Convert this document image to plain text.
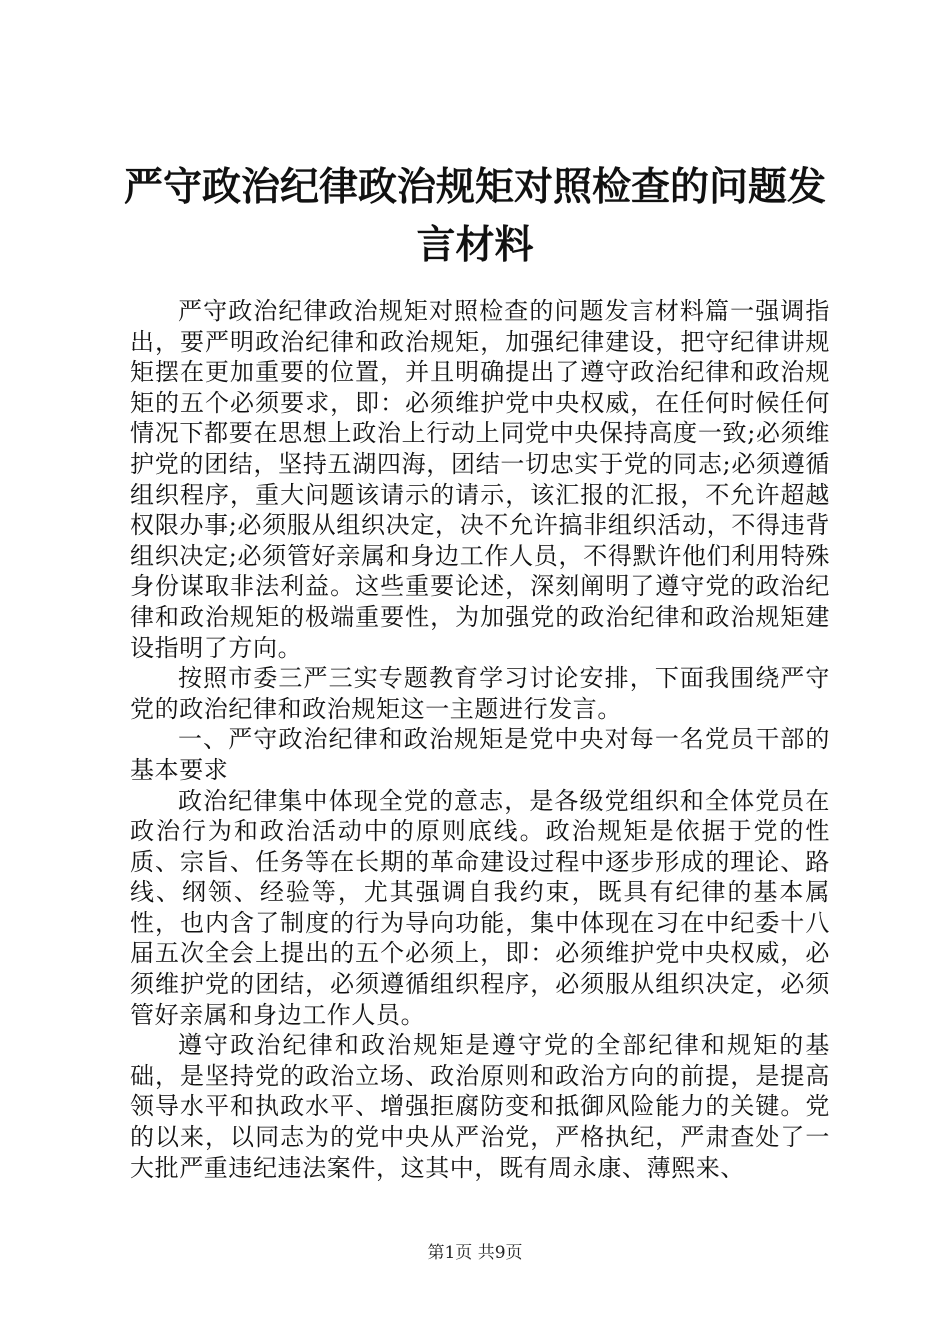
严守政治纪律政治规矩对照检查的问题发言材料

严守政治纪律政治规矩对照检查的问题发言材料篇一强调指出，要严明政治纪律和政治规矩，加强纪律建设，把守纪律讲规矩摆在更加重要的位置，并且明确提出了遵守政治纪律和政治规矩的五个必须要求，即：必须维护党中央权威，在任何时候任何情况下都要在思想上政治上行动上同党中央保持高度一致;必须维护党的团结，坚持五湖四海，团结一切忠实于党的同志;必须遵循组织程序，重大问题该请示的请示，该汇报的汇报，不允许超越权限办事;必须服从组织决定，决不允许搞非组织活动，不得违背组织决定;必须管好亲属和身边工作人员，不得默许他们利用特殊身份谋取非法利益。这些重要论述，深刻阐明了遵守党的政治纪律和政治规矩的极端重要性，为加强党的政治纪律和政治规矩建设指明了方向。

按照市委三严三实专题教育学习讨论安排，下面我围绕严守党的政治纪律和政治规矩这一主题进行发言。

一、严守政治纪律和政治规矩是党中央对每一名党员干部的基本要求

政治纪律集中体现全党的意志，是各级党组织和全体党员在政治行为和政治活动中的原则底线。政治规矩是依据于党的性质、宗旨、任务等在长期的革命建设过程中逐步形成的理论、路线、纲领、经验等，尤其强调自我约束，既具有纪律的基本属性，也内含了制度的行为导向功能，集中体现在习在中纪委十八届五次全会上提出的五个必须上，即：必须维护党中央权威，必须维护党的团结，必须遵循组织程序，必须服从组织决定，必须管好亲属和身边工作人员。

遵守政治纪律和政治规矩是遵守党的全部纪律和规矩的基础，是坚持党的政治立场、政治原则和政治方向的前提，是提高领导水平和执政水平、增强拒腐防变和抵御风险能力的关键。党的以来，以同志为的党中央从严治党，严格执纪，严肃查处了一大批严重违纪违法案件，这其中，既有周永康、薄熙来、

第1页 共9页
